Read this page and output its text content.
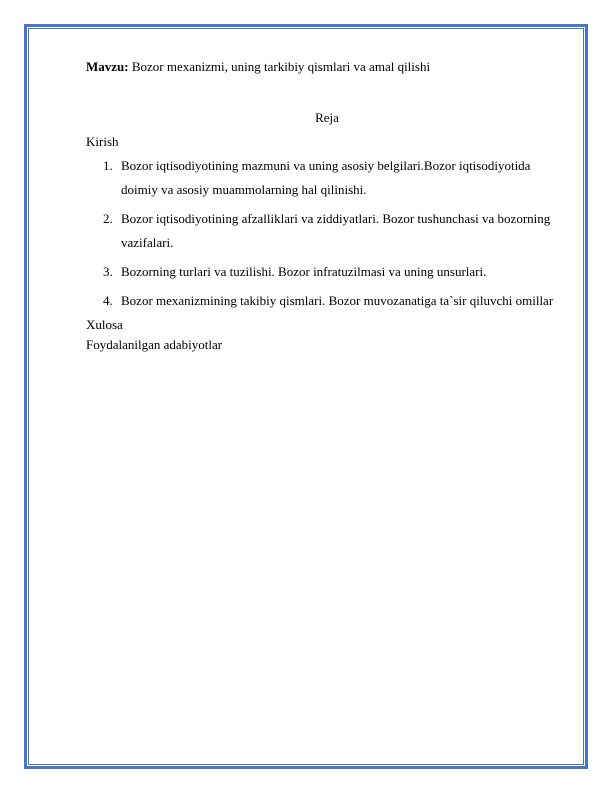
Mavzu: Bozor mexanizmi, uning tarkibiy qismlari va amal qilishi

Reja

Kirish

1. Bozor iqtisodiyotining mazmuni va uning asosiy belgilari.Bozor iqtisodiyotida doimiy va asosiy muammolarning hal qilinishi.
2. Bozor iqtisodiyotining afzalliklari va ziddiyatlari. Bozor tushunchasi va bozorning vazifalari.
3. Bozorning turlari va tuzilishi. Bozor infratuzilmasi va uning unsurlari.
4. Bozor mexanizmining takibiy qismlari. Bozor muvozanatiga ta`sir qiluvchi omillar

Xulosa

Foydalanilgan adabiyotlar
